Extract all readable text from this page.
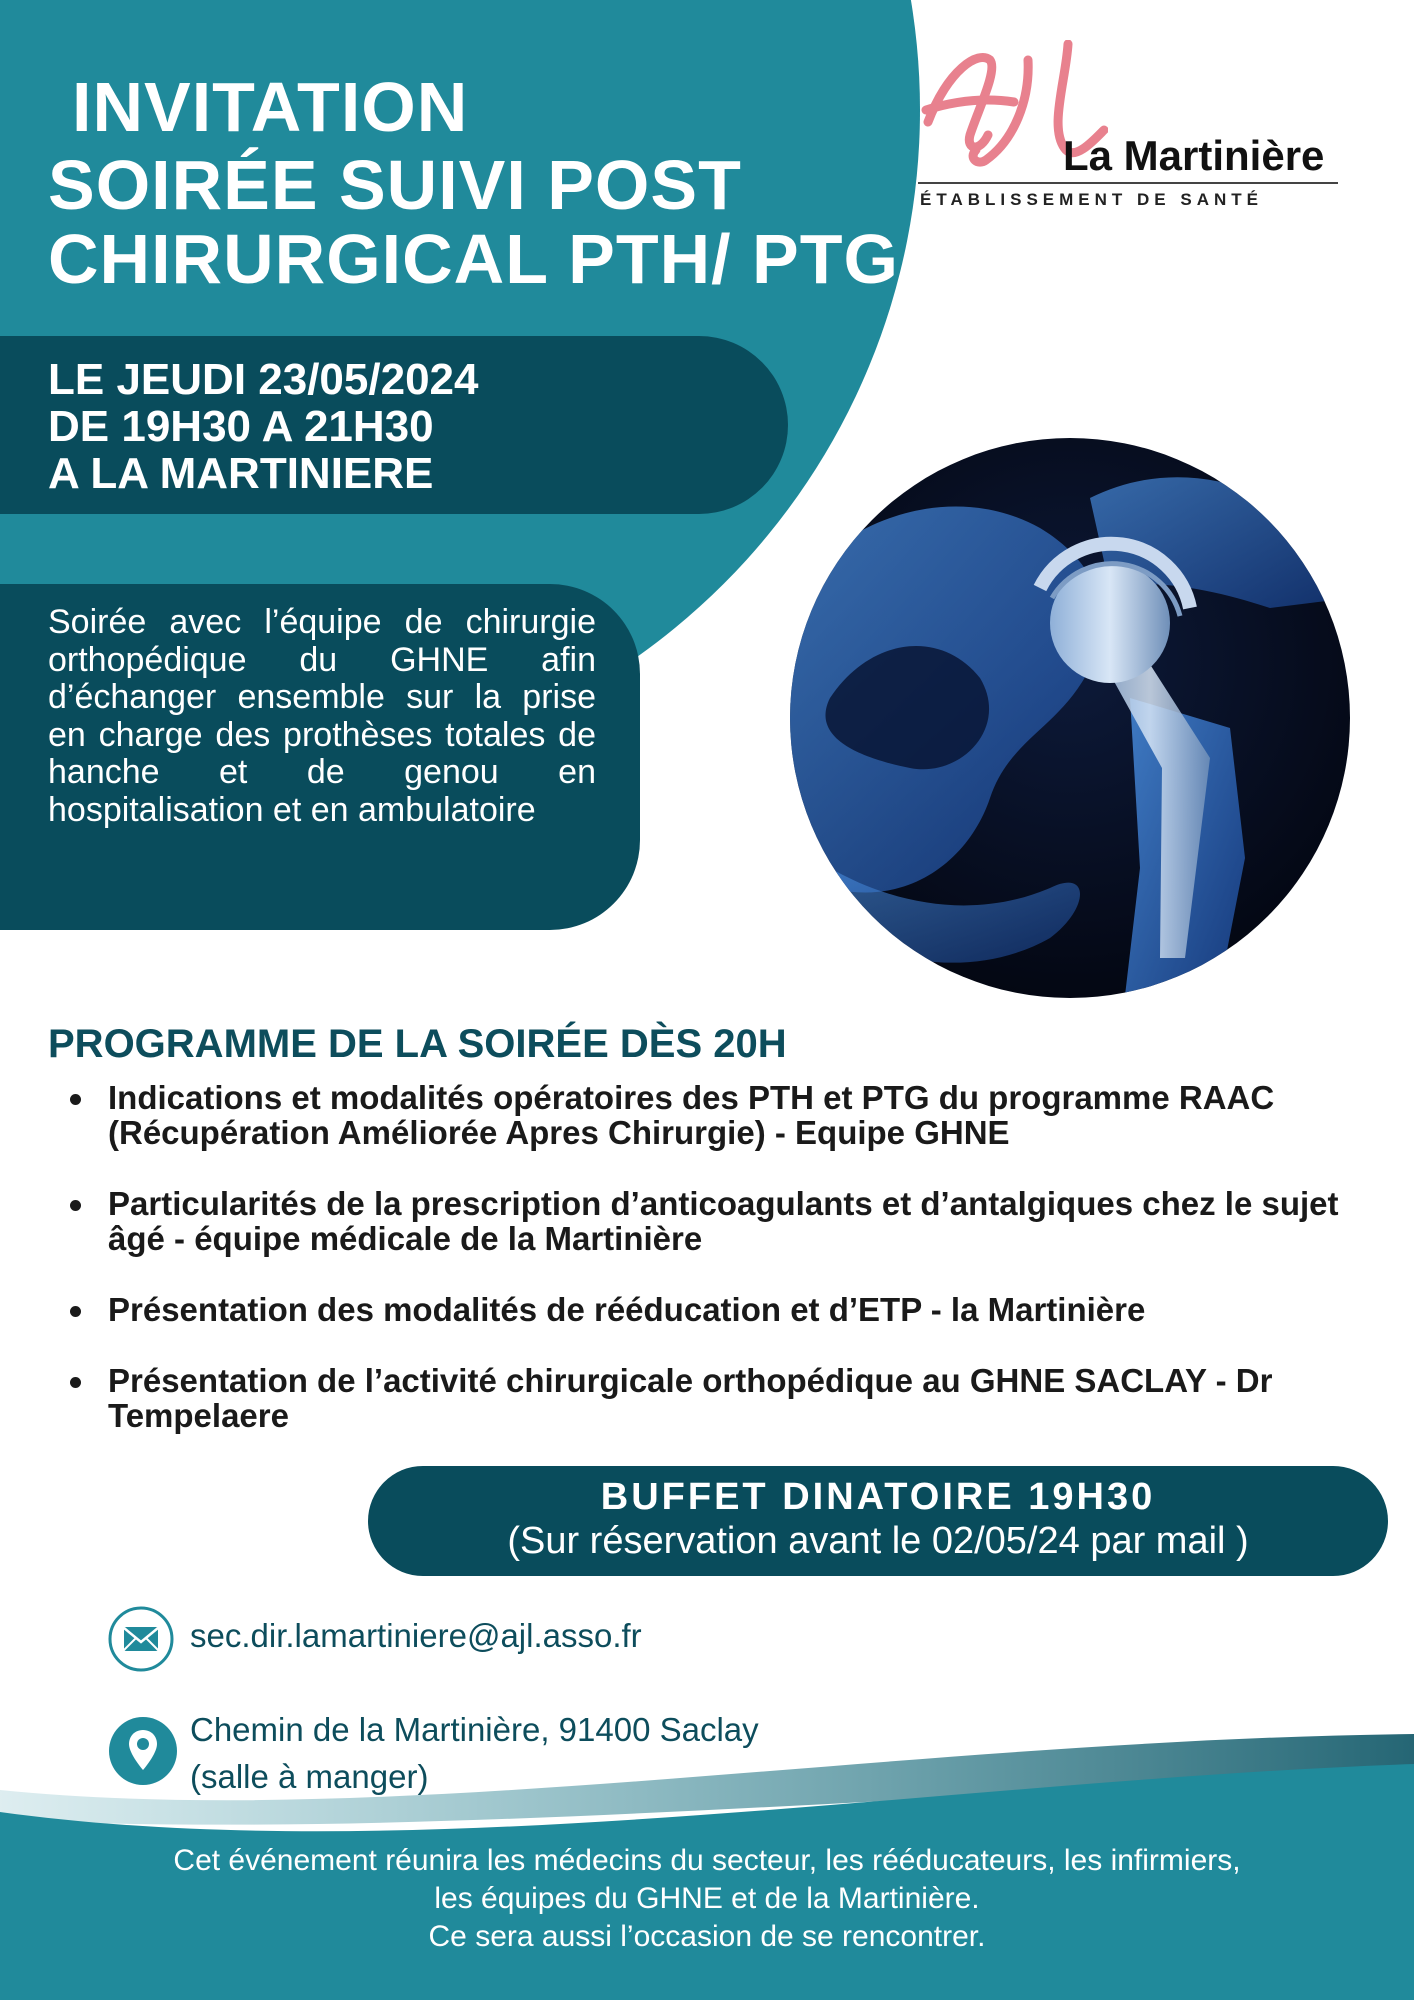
INVITATION
SOIRÉE SUIVI POST
CHIRURGICAL PTH/ PTG
La Martinière
ÉTABLISSEMENT DE SANTÉ
LE JEUDI 23/05/2024
DE 19H30 A 21H30
A LA MARTINIERE
Soirée avec l’équipe de chirurgie orthopédique du GHNE afin d’échanger ensemble sur la prise en charge des prothèses totales de hanche et de genou en hospitalisation et en ambulatoire
PROGRAMME DE LA SOIRÉE DÈS 20H
Indications et modalités opératoires des PTH et PTG du programme RAAC (Récupération Améliorée Apres Chirurgie) - Equipe GHNE
Particularités de la prescription d’anticoagulants et d’antalgiques chez le sujet âgé - équipe médicale de la Martinière
Présentation des modalités de rééducation et d’ETP - la Martinière
Présentation de l’activité chirurgicale orthopédique au GHNE SACLAY - Dr Tempelaere
BUFFET DINATOIRE 19H30
(Sur réservation avant le 02/05/24 par mail )
sec.dir.lamartiniere@ajl.asso.fr
Chemin de la Martinière, 91400 Saclay
(salle à manger)
Cet événement réunira les médecins du secteur, les rééducateurs, les infirmiers,
les équipes du GHNE et de la Martinière.
Ce sera aussi l’occasion de se rencontrer.
